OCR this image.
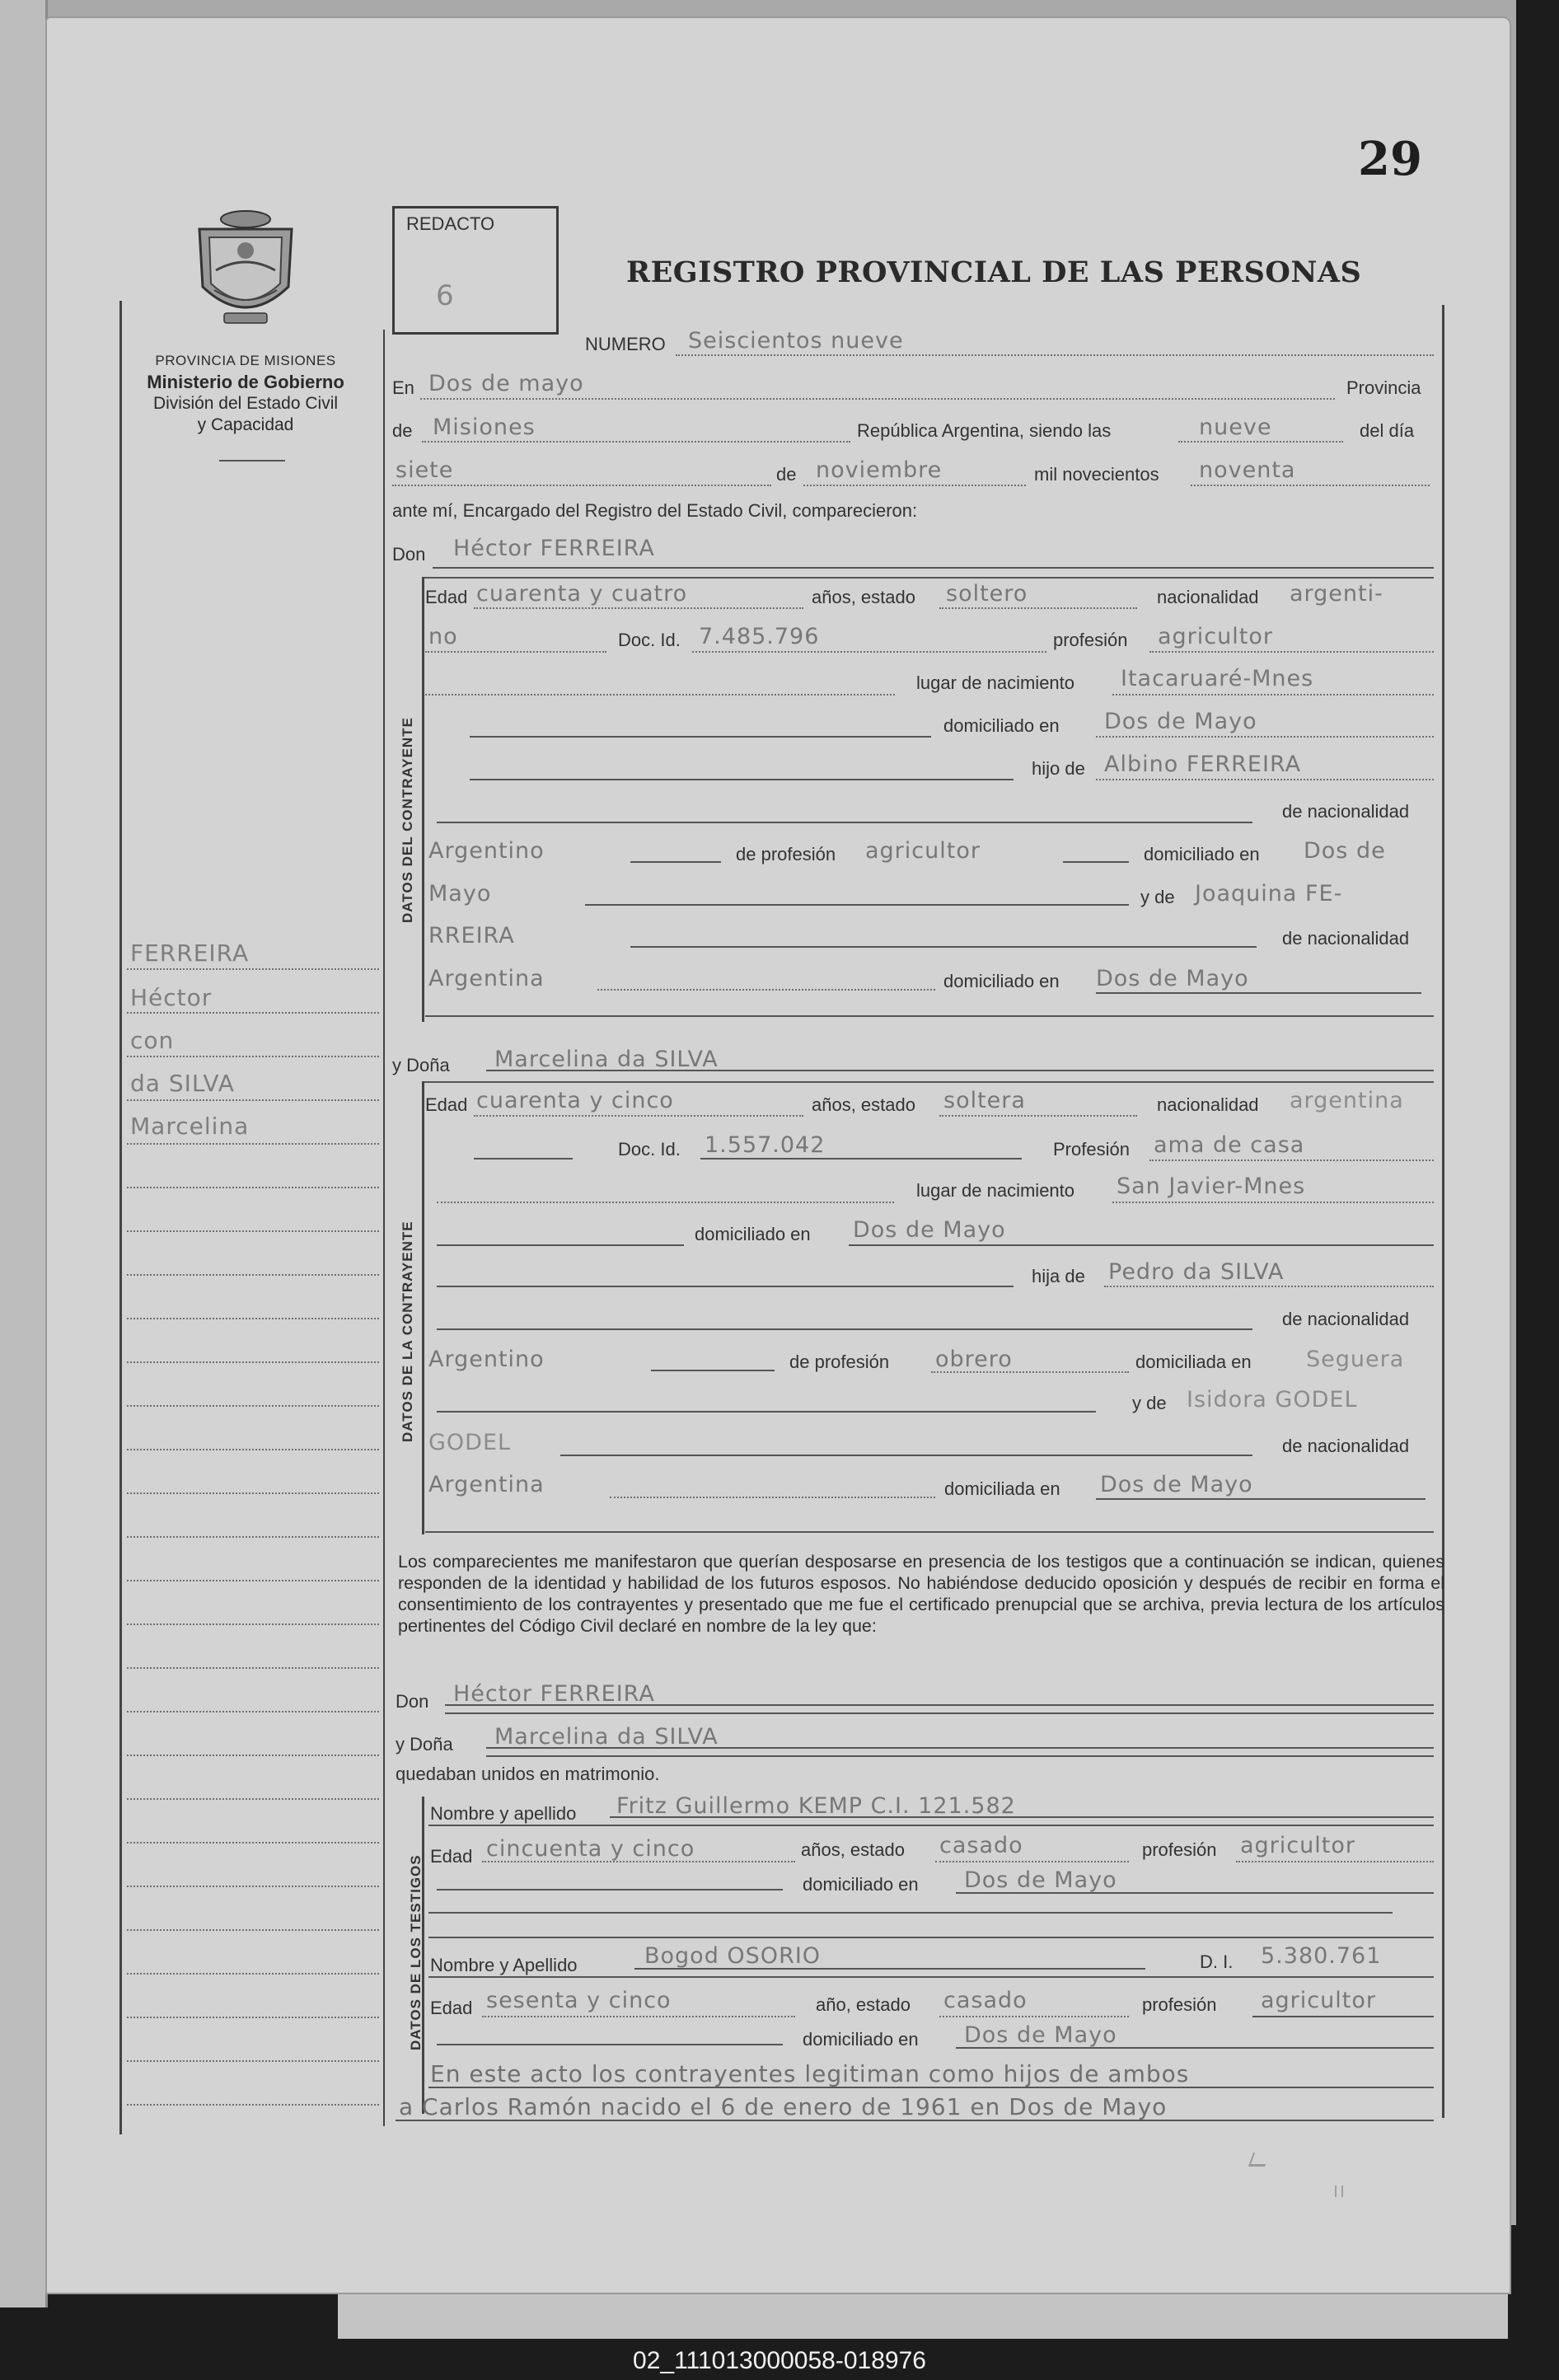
29
PROVINCIA DE MISIONES
Ministerio de Gobierno
División del Estado Civil
y Capacidad
REDACTO
6
REGISTRO PROVINCIAL DE LAS PERSONAS
FERREIRA
Héctor
con
da SILVA
Marcelina
NUMERO Seiscientos nueve
En Dos de mayo	Provincia
de Misiones	República Argentina, siendo las	nueve	del día
siete	de noviembre	mil novecientos noventa
ante mí, Encargado del Registro del Estado Civil, comparecieron:
Don Héctor FERREIRA
DATOS DEL CONTRAYENTE
Edad cuarenta y cuatro	años, estado soltero	nacionalidad argenti-
no	Doc. Id. 7.485.796	profesión agricultor
lugar de nacimiento Itacaruaré-Mnes
domiciliado en Dos de Mayo
hijo de Albino FERREIRA
de nacionalidad
Argentino	de profesión agricultor	domiciliado en Dos de
Mayo	y de Joaquina FE-
RREIRA	de nacionalidad
Argentina	domiciliado en Dos de Mayo
y Doña Marcelina da SILVA
DATOS DE LA CONTRAYENTE
Edad cuarenta y cinco	años, estado soltera	nacionalidad argentina
Doc. Id. 1.557.042	Profesión ama de casa
lugar de nacimiento San Javier-Mnes
domiciliado en Dos de Mayo
hija de Pedro da SILVA
de nacionalidad
Argentino	de profesión obrero	domiciliada en Seguera
y de Isidora GODEL
GODEL	de nacionalidad
Argentina	domiciliada en Dos de Mayo
Los comparecientes me manifestaron que querían desposarse en presencia de los testigos que a continuación se indican, quienes responden de la identidad y habilidad de los futuros esposos. No habiéndose deducido oposición y después de recibir en forma el consentimiento de los contrayentes y presentado que me fue el certificado prenupcial que se archiva, previa lectura de los artículos pertinentes del Código Civil declaré en nombre de la ley que:
Don Héctor FERREIRA
y Doña Marcelina da SILVA
quedaban unidos en matrimonio.
DATOS DE LOS TESTIGOS
Nombre y apellido Fritz Guillermo KEMP C.I. 121.582
Edad cincuenta y cinco	años, estado casado	profesión agricultor
domiciliado en Dos de Mayo
Nombre y Apellido	Bogod OSORIO	D. I. 5.380.761
Edad sesenta y cinco	año, estado casado	profesión agricultor
domiciliado en Dos de Mayo
En este acto los contrayentes legitiman como hijos de ambos
a Carlos Ramón nacido el 6 de enero de 1961 en Dos de Mayo
02_111013000058-018976
